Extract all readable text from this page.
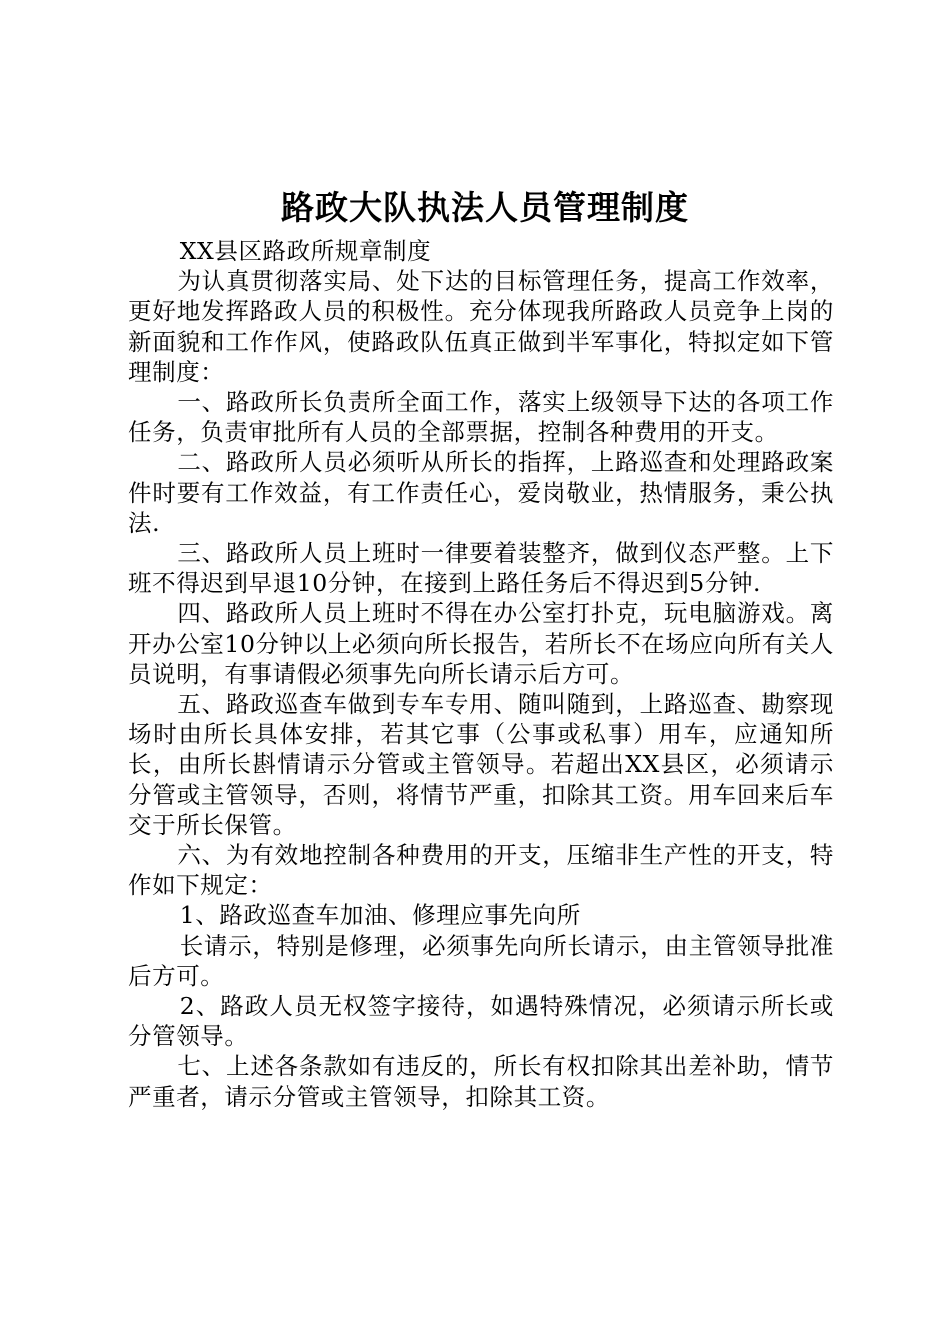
路政大队执法人员管理制度

XX县区路政所规章制度

为认真贯彻落实局、处下达的目标管理任务，提高工作效率，更好地发挥路政人员的积极性。充分体现我所路政人员竞争上岗的新面貌和工作作风，使路政队伍真正做到半军事化，特拟定如下管理制度：

一、路政所长负责所全面工作，落实上级领导下达的各项工作任务，负责审批所有人员的全部票据，控制各种费用的开支。

二、路政所人员必须听从所长的指挥，上路巡查和处理路政案件时要有工作效益，有工作责任心，爱岗敬业，热情服务，秉公执法.

三、路政所人员上班时一律要着装整齐，做到仪态严整。上下班不得迟到早退10分钟，在接到上路任务后不得迟到5分钟.

四、路政所人员上班时不得在办公室打扑克，玩电脑游戏。离开办公室10分钟以上必须向所长报告，若所长不在场应向所有关人员说明，有事请假必须事先向所长请示后方可。

五、路政巡查车做到专车专用、随叫随到，上路巡查、勘察现场时由所长具体安排，若其它事（公事或私事）用车，应通知所长，由所长斟情请示分管或主管领导。若超出XX县区，必须请示分管或主管领导，否则，将情节严重，扣除其工资。用车回来后车交于所长保管。

六、为有效地控制各种费用的开支，压缩非生产性的开支，特作如下规定：

1、路政巡查车加油、修理应事先向所

长请示，特别是修理，必须事先向所长请示，由主管领导批准后方可。

2、路政人员无权签字接待，如遇特殊情况，必须请示所长或分管领导。

七、上述各条款如有违反的，所长有权扣除其出差补助，情节严重者，请示分管或主管领导，扣除其工资。
